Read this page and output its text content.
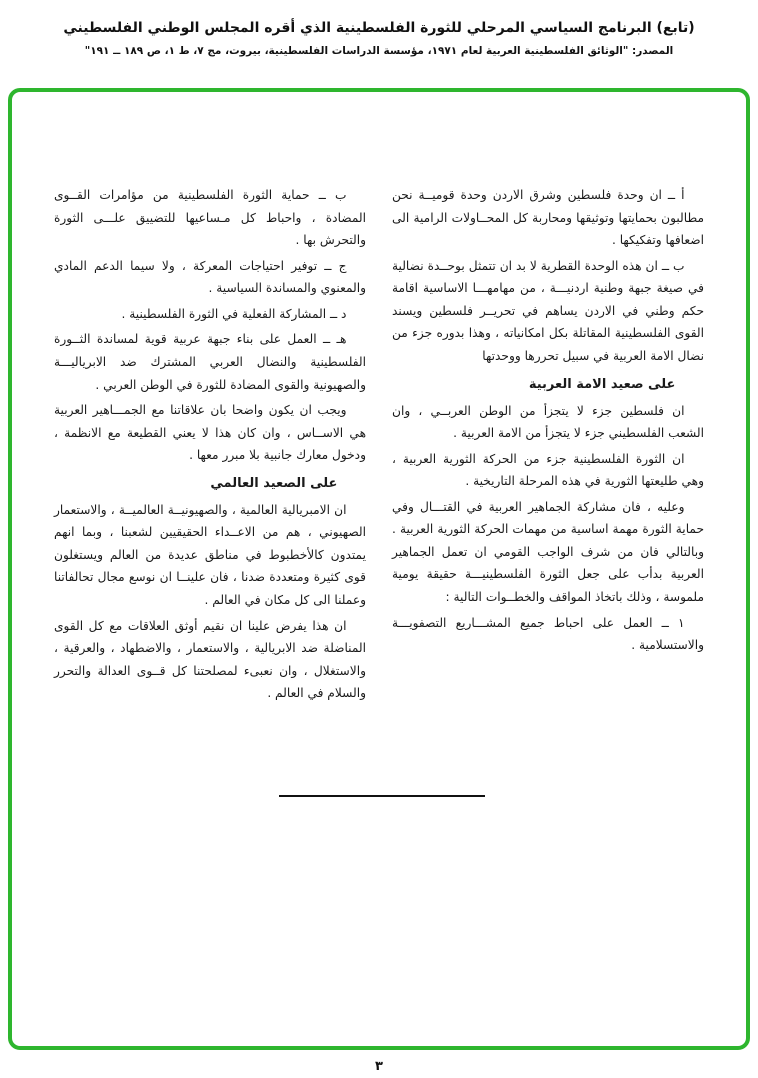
(تابع) البرنامج السياسي المرحلي للثورة الفلسطينية الذي أقره المجلس الوطني الفلسطيني
المصدر: "الوثائق الفلسطينية العربية لعام ١٩٧١، مؤسسة الدراسات الفلسطينية، بيروت، مج ٧، ط ١، ص ١٨٩ ــ ١٩١"

أ ــ ان وحدة فلسطين وشرق الاردن وحدة قوميــة نحن مطالبون بحمايتها وتوثيقها ومحاربة كل المحــاولات الرامية الى اضعافها وتفكيكها .

ب ــ ان هذه الوحدة القطرية لا بد ان تتمثل بوحــدة نضالية في صيغة جبهة وطنية اردنيـــة ، من مهامهـــا الاساسية اقامة حكم وطني في الاردن يساهم في تحريــر فلسطين ويسند القوى الفلسطينية المقاتلة بكل امكانياته ، وهذا بدوره جزء من نضال الامة العربية في سبيل تحررها ووحدتها

على صعيد الامة العربية

ان فلسطين جزء لا يتجزأ من الوطن العربــي ، وان الشعب الفلسطيني جزء لا يتجزأ من الامة العربية .

ان الثورة الفلسطينية جزء من الحركة الثورية العربية ، وهي طليعتها الثورية في هذه المرحلة التاريخية .

وعليه ، فان مشاركة الجماهير العربية في القتـــال وفي حماية الثورة مهمة اساسية من مهمات الحركة الثورية العربية . وبالتالي فان من شرف الواجب القومي ان تعمل الجماهير العربية بدأب على جعل الثورة الفلسطينيـــة حقيقة يومية ملموسة ، وذلك باتخاذ المواقف والخطــوات التالية :

١ ــ العمل على احباط جميع المشـــاريع التصفويـــة والاستسلامية .

ب ــ حماية الثورة الفلسطينية من مؤامرات القــوى المضادة ، واحباط كل مـساعيها للتضييق علـــى الثورة والتحرش بها .

ج ــ توفير احتياجات المعركة ، ولا سيما الدعم المادي والمعنوي والمساندة السياسية .

د ــ المشاركة الفعلية في الثورة الفلسطينية .

هـ ــ العمل على بناء جبهة عربية قوية لمساندة الثــورة الفلسطينية والنضال العربي المشترك ضد الابرياليـــة والصهيونية والقوى المضادة للثورة في الوطن العربي .

ويجب ان يكون واضحا بان علاقاتنا مع الجمـــاهير العربية هي الاســاس ، وان كان هذا لا يعني القطيعة مع الانظمة ، ودخول معارك جانبية بلا مبرر معها .

على الصعيد العالمي

ان الامبريالية العالمية ، والصهيونيــة العالميــة ، والاستعمار الصهيوني ، هم من الاعــداء الحقيقيين لشعبنا ، وبما انهم يمتدون كالأخطبوط في مناطق عديدة من العالم ويستغلون قوى كثيرة ومتعددة ضدنا ، فان علينــا ان نوسع مجال تحالفاتنا وعملنا الى كل مكان في العالم .

ان هذا يفرض علينا ان نقيم أوثق العلاقات مع كل القوى المناضلة ضد الابريالية ، والاستعمار ، والاضطهاد ، والعرقية ، والاستغلال ، وان نعبىء لمصلحتنا كل قــوى العدالة والتحرر والسلام في العالم .

٣
